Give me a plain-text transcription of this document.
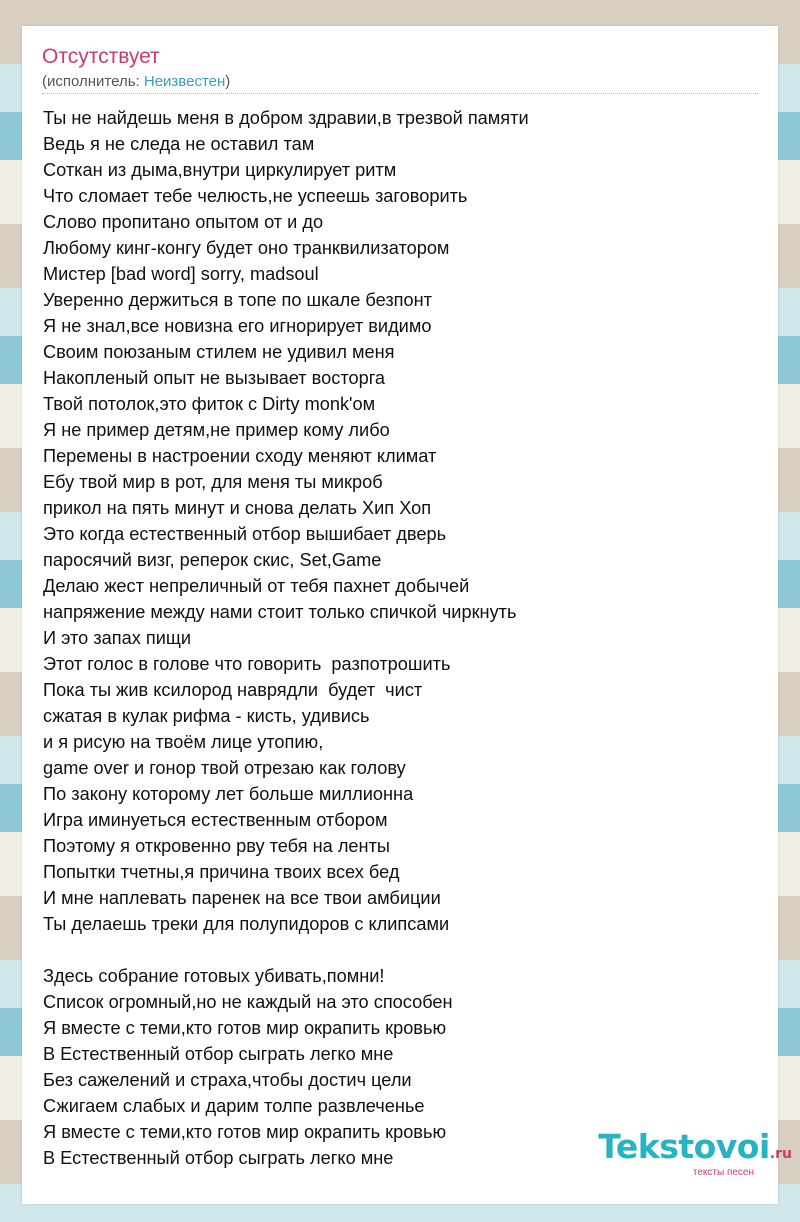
Отсутствует
(исполнитель: Неизвестен)
Ты не найдешь меня в добром здравии,в трезвой памяти
Ведь я не следа не оставил там
Соткан из дыма,внутри циркулирует ритм
Что сломает тебе челюсть,не успеешь заговорить
Слово пропитано опытом от и до
Любому кинг-конгу будет оно транквилизатором
Мистер [bad word] sorry, madsoul
Уверенно держиться в топе по шкале безпонт
Я не знал,все новизна его игнорирует видимо
Своим поюзаным стилем не удивил меня
Накопленый опыт не вызывает восторга
Твой потолок,это фиток с Dirty monk'ом
Я не пример детям,не пример кому либо
Перемены в настроении сходу меняют климат
Ебу твой мир в рот, для меня ты микроб
прикол на пять минут и снова делать Хип Хоп
Это когда естественный отбор вышибает дверь
паросячий визг, реперок скис, Set,Game
Делаю жест непреличный от тебя пахнет добычей
напряжение между нами стоит только спичкой чиркнуть
И это запах пищи
Этот голос в голове что говорить  разпотрошить
Пока ты жив ксилород наврядли  будет  чист
сжатая в кулак рифма - кисть, удивись
и я рисую на твоём лице утопию,
game over и гонор твой отрезаю как голову
По закону которому лет больше миллионна
Игра иминуеться естественным отбором
Поэтому я откровенно рву тебя на ленты
Попытки тчетны,я причина твоих всех бед
И мне наплевать паренек на все твои амбиции
Ты делаешь треки для полупидоров с клипсами
Здесь собрание готовых убивать,помни!
Список огромный,но не каждый на это способен
Я вместе с теми,кто готов мир окрапить кровью
В Естественный отбор сыграть легко мне
Без сажелений и страха,чтобы достич цели
Сжигаем слабых и дарим толпе развлеченье
Я вместе с теми,кто готов мир окрапить кровью
В Естественный отбор сыграть легко мне	Tekstovoi.ru
тексты песен
